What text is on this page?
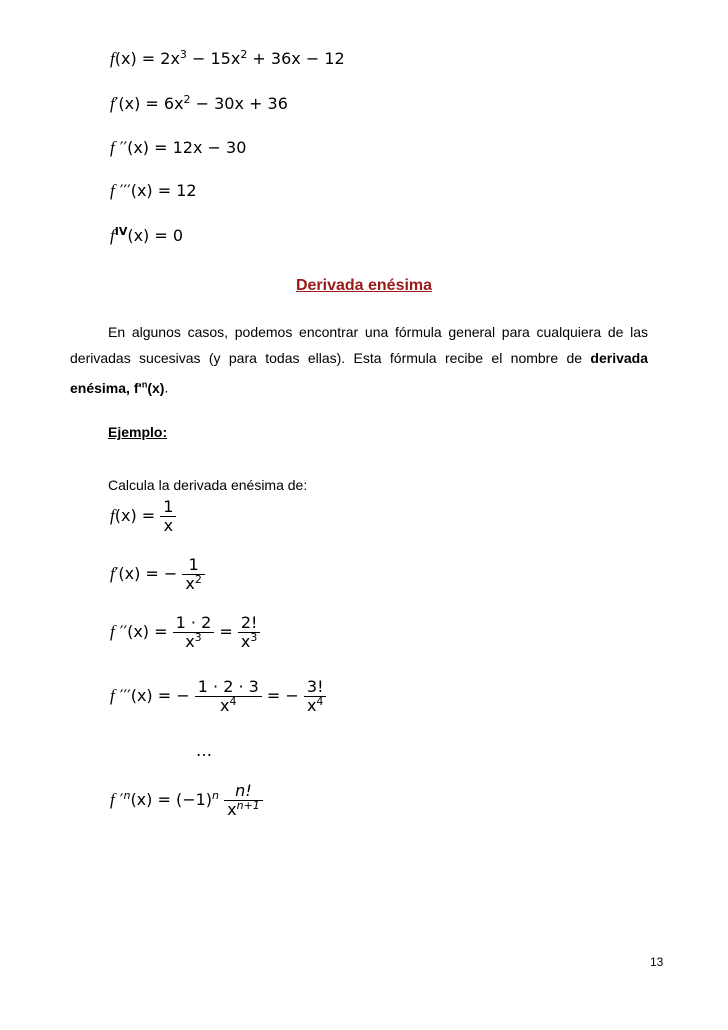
$f(x) = 2x^3 - 15x^2 + 36x - 12$
$f'(x) = 6x^2 - 30x + 36$
f ′′(x) = 12x − 30
f ′′′(x) = 12
$f^{IV}(x) = 0$
Derivada enésima
En algunos casos, podemos encontrar una fórmula general para cualquiera de las derivadas sucesivas (y para todas ellas). Esta fórmula recibe el nombre de derivada enésima, $f'^n(x)$.
Ejemplo:
Calcula la derivada enésima de:
$f(x) = \frac{1}{x}$
f′(x) = − $\frac{1}{x^2}$
f $''(x) = \frac{1 \cdot 2}{x^3} = \frac{2!}{x^3}$
f ′′′(x) = − $\frac{1 \cdot 2 \cdot 3}{x^4}$ = − $\frac{3!}{x^4}$
…
f $'^n(x) = (-1)^n \frac{n!}{x^{n+1}}$
13
